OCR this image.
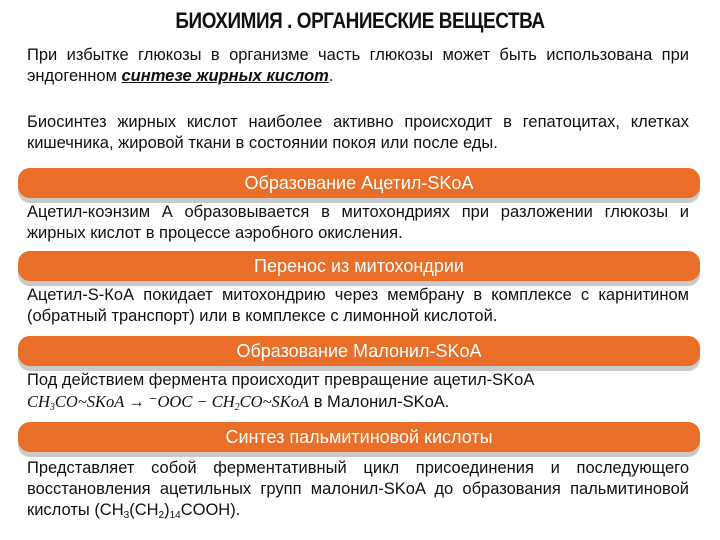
БИОХИМИЯ . ОРГАНИЕСКИЕ ВЕЩЕСТВА

При избытке глюкозы в организме часть глюкозы может быть использована при эндогенном синтезе жирных кислот.

Биосинтез жирных кислот наиболее активно происходит в гепатоцитах, клетках кишечника, жировой ткани в состоянии покоя или после еды.

Образование Ацетил-SKoA

Ацетил-коэнзим А образовывается в митохондриях при разложении глюкозы и жирных кислот в процессе аэробного окисления.

Перенос из митохондрии

Ацетил-S-КоА покидает митохондрию через мембрану в комплексе с карнитином (обратный транспорт) или в комплексе с лимонной кислотой.

Образование Малонил-SKoA

Под действием фермента происходит превращение ацетил-SKoA
$CH_3CO\sim SKoA \to ^-OOC$ − $CH_2CO\sim SKoA$ в Малонил-SKoA.

Синтез пальмитиновой кислоты

Представляет собой ферментативный цикл присоединения и последующего восстановления ацетильных групп малонил-SKoA до образования пальмитиновой кислоты $(CH_3(CH_2)_{14}COOH)$.
